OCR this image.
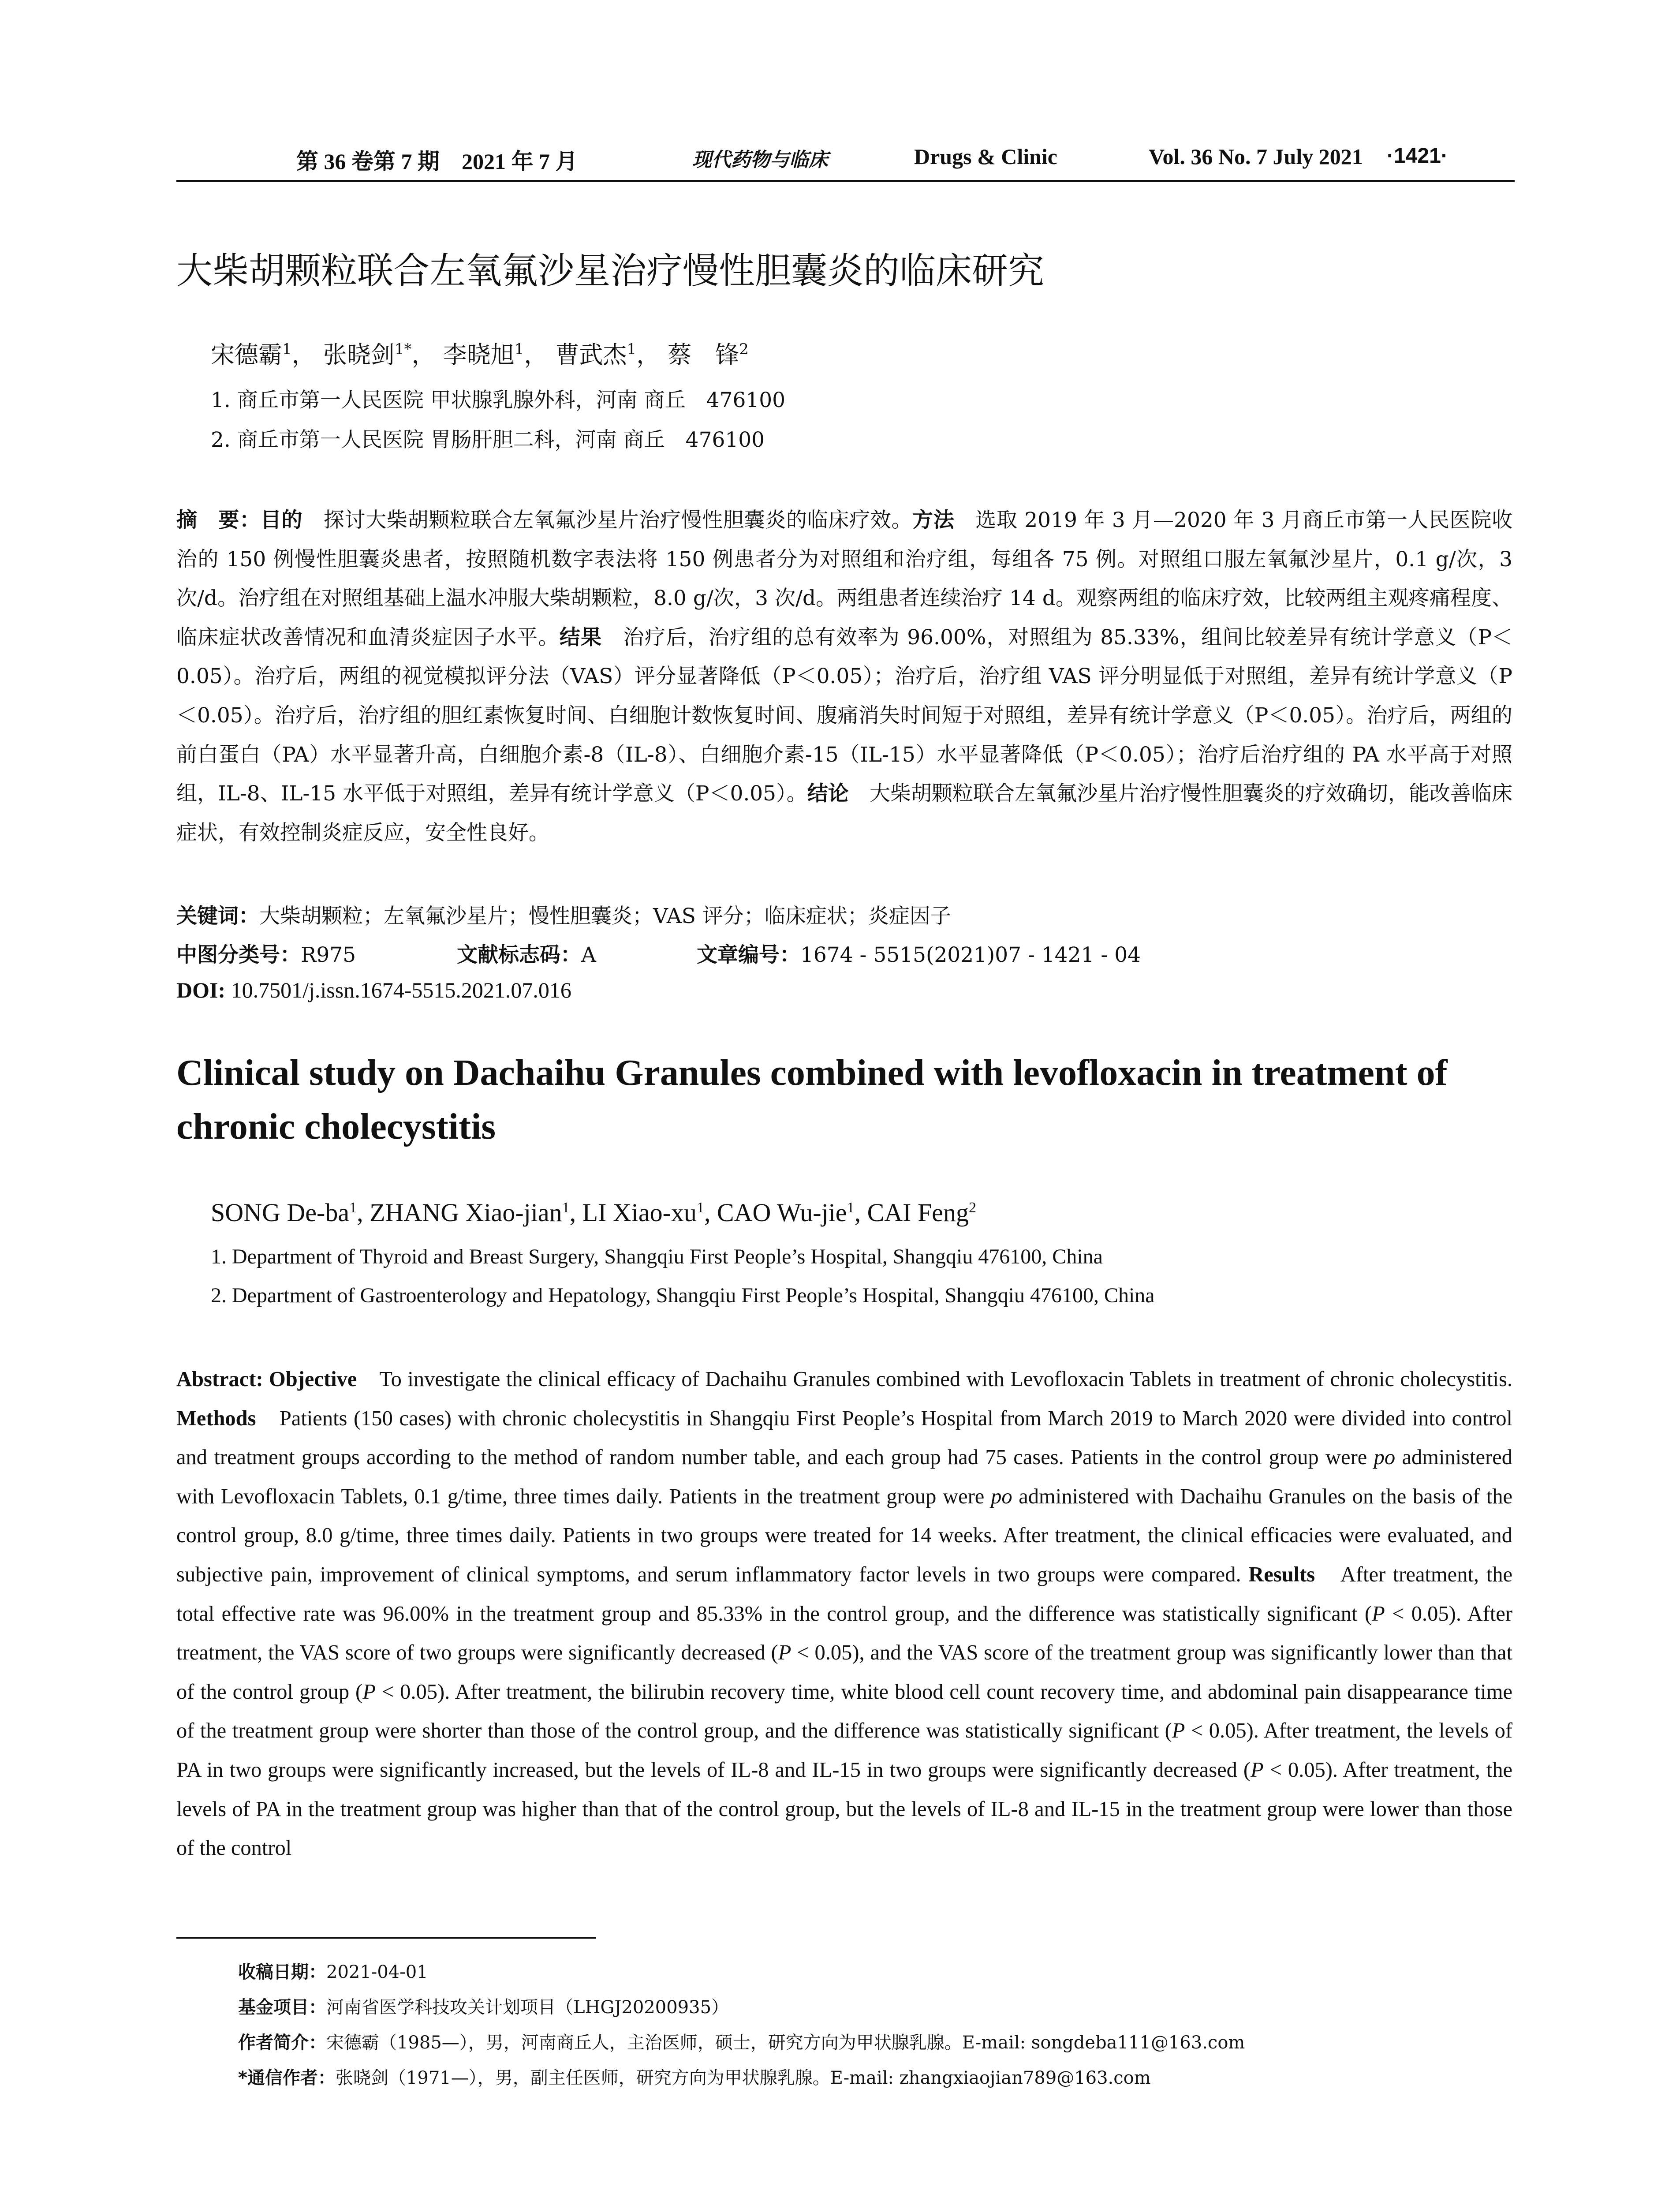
第 36 卷第 7 期　2021 年 7 月	现代药物与临床	Drugs & Clinic	Vol. 36 No. 7 July 2021 ·1421·
大柴胡颗粒联合左氧氟沙星治疗慢性胆囊炎的临床研究
宋德霸$^1$， 张晓剑$^{1*}$， 李晓旭$^1$， 曹武杰$^1$， 蔡　锋$^2$
1. 商丘市第一人民医院 甲状腺乳腺外科，河南 商丘　476100
2. 商丘市第一人民医院 胃肠肝胆二科，河南 商丘　476100
摘　要：目的　探讨大柴胡颗粒联合左氧氟沙星片治疗慢性胆囊炎的临床疗效。方法　选取 2019 年 3 月—2020 年 3 月商丘市第一人民医院收治的 150 例慢性胆囊炎患者，按照随机数字表法将 150 例患者分为对照组和治疗组，每组各 75 例。对照组口服左氧氟沙星片，0.1 g/次，3 次/d。治疗组在对照组基础上温水冲服大柴胡颗粒，8.0 g/次，3 次/d。两组患者连续治疗 14 d。观察两组的临床疗效，比较两组主观疼痛程度、临床症状改善情况和血清炎症因子水平。结果　治疗后，治疗组的总有效率为 96.00%，对照组为 85.33%，组间比较差异有统计学意义（P＜0.05）。治疗后，两组的视觉模拟评分法（VAS）评分显著降低（P＜0.05）；治疗后，治疗组 VAS 评分明显低于对照组，差异有统计学意义（P＜0.05）。治疗后，治疗组的胆红素恢复时间、白细胞计数恢复时间、腹痛消失时间短于对照组，差异有统计学意义（P＜0.05）。治疗后，两组的前白蛋白（PA）水平显著升高，白细胞介素-8（IL-8）、白细胞介素-15（IL-15）水平显著降低（P＜0.05）；治疗后治疗组的 PA 水平高于对照组，IL-8、IL-15 水平低于对照组，差异有统计学意义（P＜0.05）。结论　大柴胡颗粒联合左氧氟沙星片治疗慢性胆囊炎的疗效确切，能改善临床症状，有效控制炎症反应，安全性良好。
关键词：大柴胡颗粒；左氧氟沙星片；慢性胆囊炎；VAS 评分；临床症状；炎症因子
中图分类号：R975	文献标志码：A	文章编号：1674 - 5515(2021)07 - 1421 - 04
DOI: 10.7501/j.issn.1674-5515.2021.07.016
Clinical study on Dachaihu Granules combined with levofloxacin in treatment of chronic cholecystitis
SONG $De-ba^1$, ZHANG Xiao-jian$^1$, LI Xiao-$xu^1$, CAO Wu-jie$^1$, CAI Feng$^2$
1. Department of Thyroid and Breast Surgery, Shangqiu First People’s Hospital, Shangqiu 476100, China
2. Department of Gastroenterology and Hepatology, Shangqiu First People’s Hospital, Shangqiu 476100, China
Abstract: Objective　To investigate the clinical efficacy of Dachaihu Granules combined with Levofloxacin Tablets in treatment of chronic cholecystitis. Methods　Patients (150 cases) with chronic cholecystitis in Shangqiu First People’s Hospital from March 2019 to March 2020 were divided into control and treatment groups according to the method of random number table, and each group had 75 cases. Patients in the control group were po administered with Levofloxacin Tablets, 0.1 g/time, three times daily. Patients in the treatment group were po administered with Dachaihu Granules on the basis of the control group, 8.0 g/time, three times daily. Patients in two groups were treated for 14 weeks. After treatment, the clinical efficacies were evaluated, and subjective pain, improvement of clinical symptoms, and serum inflammatory factor levels in two groups were compared. Results　After treatment, the total effective rate was 96.00% in the treatment group and 85.33% in the control group, and the difference was statistically significant (P < 0.05). After treatment, the VAS score of two groups were significantly decreased (P < 0.05), and the VAS score of the treatment group was significantly lower than that of the control group (P < 0.05). After treatment, the bilirubin recovery time, white blood cell count recovery time, and abdominal pain disappearance time of the treatment group were shorter than those of the control group, and the difference was statistically significant (P < 0.05). After treatment, the levels of PA in two groups were significantly increased, but the levels of IL-8 and IL-15 in two groups were significantly decreased (P < 0.05). After treatment, the levels of PA in the treatment group was higher than that of the control group, but the levels of IL-8 and IL-15 in the treatment group were lower than those of the control
收稿日期：2021-04-01
基金项目：河南省医学科技攻关计划项目（LHGJ20200935）
作者简介：宋德霸（1985—），男，河南商丘人，主治医师，硕士，研究方向为甲状腺乳腺。E-mail: songdeba111@163.com
*通信作者：张晓剑（1971—），男，副主任医师，研究方向为甲状腺乳腺。E-mail: zhangxiaojian789@163.com
